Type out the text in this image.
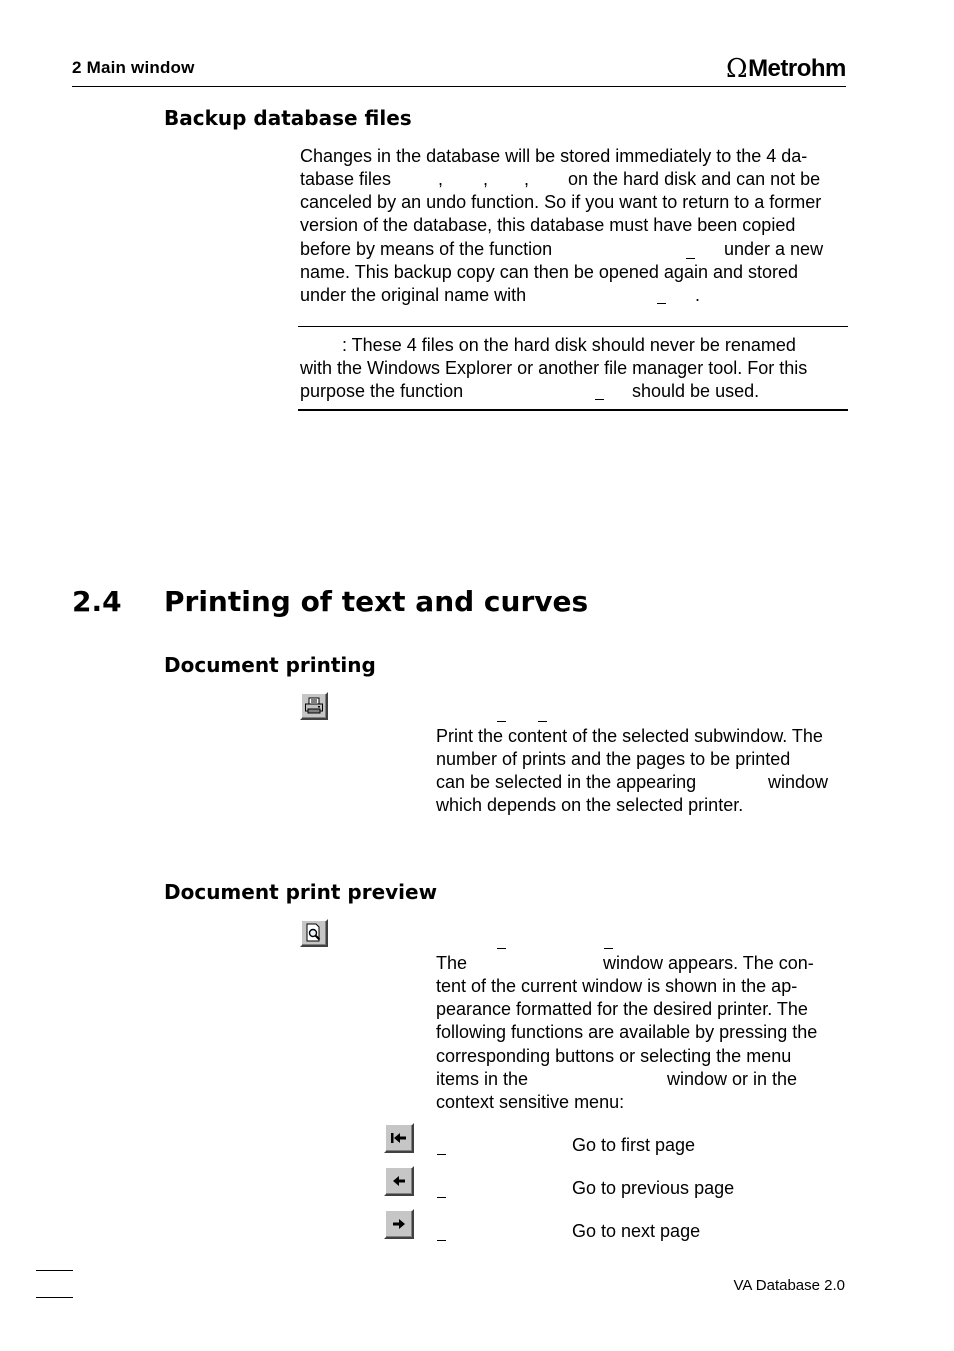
2 Main window	Ω Metrohm
Backup database files
Changes in the database will be stored immediately to the 4 da-
tabase files	, , , on the hard disk and can not be
canceled by an undo function. So if you want to return to a former
version of the database, this database must have been copied
before by means of the function	under a new
name. This backup copy can then be opened again and stored
under the original name with	.
: These 4 files on the hard disk should never be renamed
with the Windows Explorer or another file manager tool. For this
purpose the function	should be used.
2.4 Printing of text and curves
Document printing
Print the content of the selected subwindow. The
number of prints and the pages to be printed
can be selected in the appearing	window
which depends on the selected printer.
Document print preview
The	window appears. The con-
tent of the current window is shown in the ap-
pearance formatted for the desired printer. The
following functions are available by pressing the
corresponding buttons or selecting the menu
items in the	window or in the
context sensitive menu:
Go to first page
Go to previous page
Go to next page
VA Database 2.0
